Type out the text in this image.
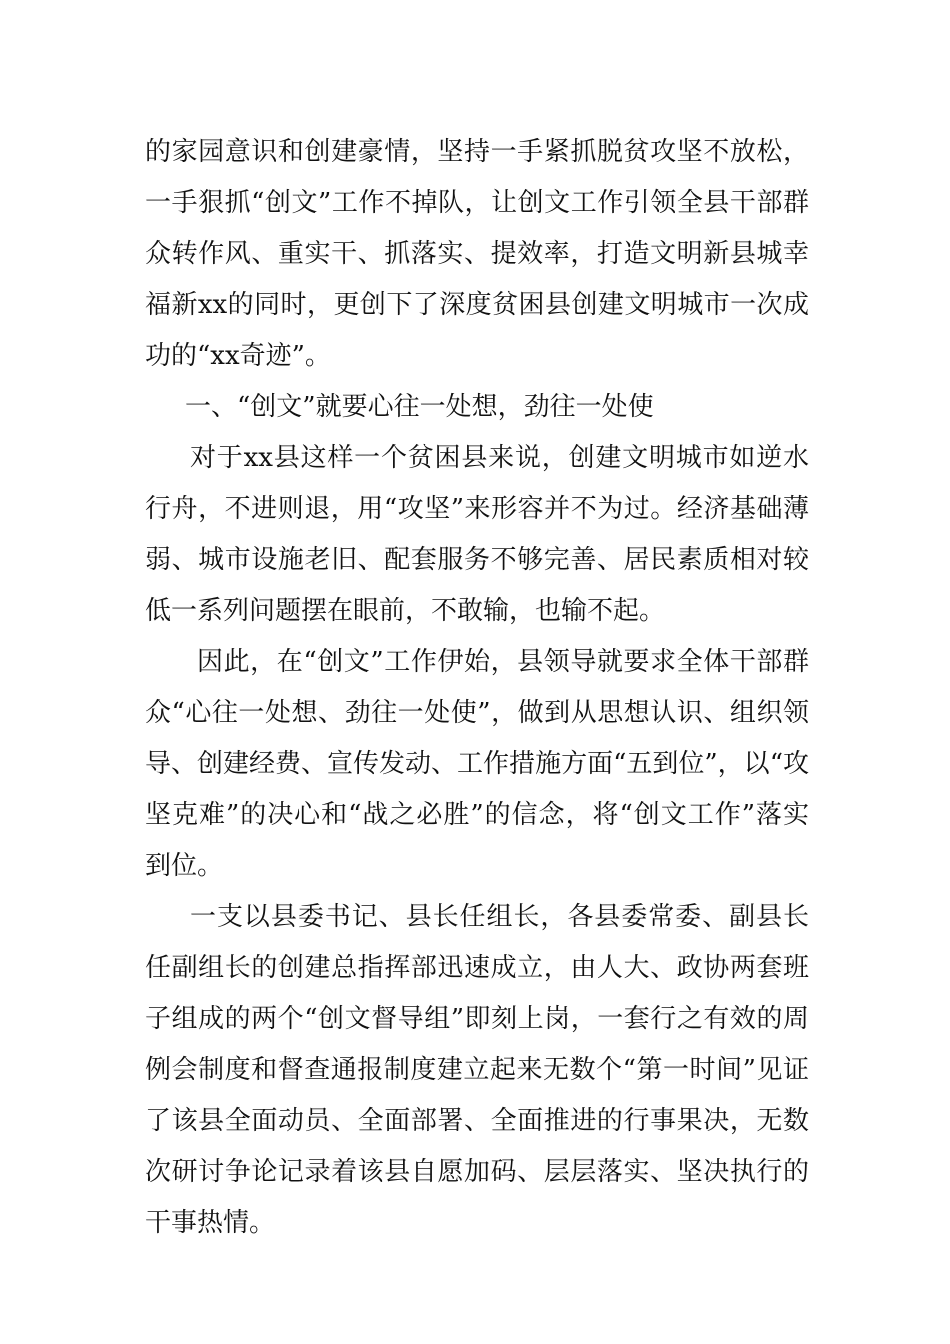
的家园意识和创建豪情，坚持一手紧抓脱贫攻坚不放松，一手狠抓“创文”工作不掉队，让创文工作引领全县干部群众转作风、重实干、抓落实、提效率，打造文明新县城幸福新xx的同时，更创下了深度贫困县创建文明城市一次成功的“xx奇迹”。

一、“创文”就要心往一处想，劲往一处使

对于xx县这样一个贫困县来说，创建文明城市如逆水行舟，不进则退，用“攻坚”来形容并不为过。经济基础薄弱、城市设施老旧、配套服务不够完善、居民素质相对较低一系列问题摆在眼前，不敢输，也输不起。

因此，在“创文”工作伊始，县领导就要求全体干部群众“心往一处想、劲往一处使”，做到从思想认识、组织领导、创建经费、宣传发动、工作措施方面“五到位”，以“攻坚克难”的决心和“战之必胜”的信念，将“创文工作”落实到位。

一支以县委书记、县长任组长，各县委常委、副县长任副组长的创建总指挥部迅速成立，由人大、政协两套班子组成的两个“创文督导组”即刻上岗，一套行之有效的周例会制度和督查通报制度建立起来无数个“第一时间”见证了该县全面动员、全面部署、全面推进的行事果决，无数次研讨争论记录着该县自愿加码、层层落实、坚决执行的干事热情。
